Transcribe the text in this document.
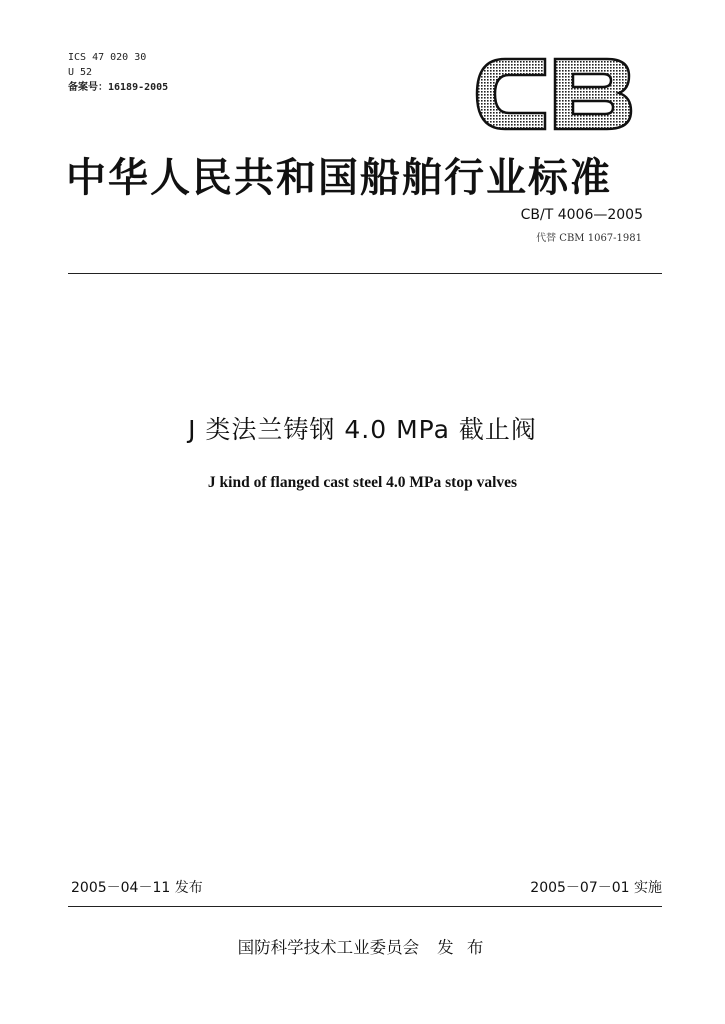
ICS 47 020 30
U 52
备案号：16189-2005
中华人民共和国船舶行业标准
CB/T 4006—2005
代替 CBM 1067-1981
J 类法兰铸钢 4.0 MPa 截止阀
J kind of flanged cast steel 4.0 MPa stop valves
2005－04－11 发布	2005－07－01 实施
国防科学技术工业委员会 发 布
